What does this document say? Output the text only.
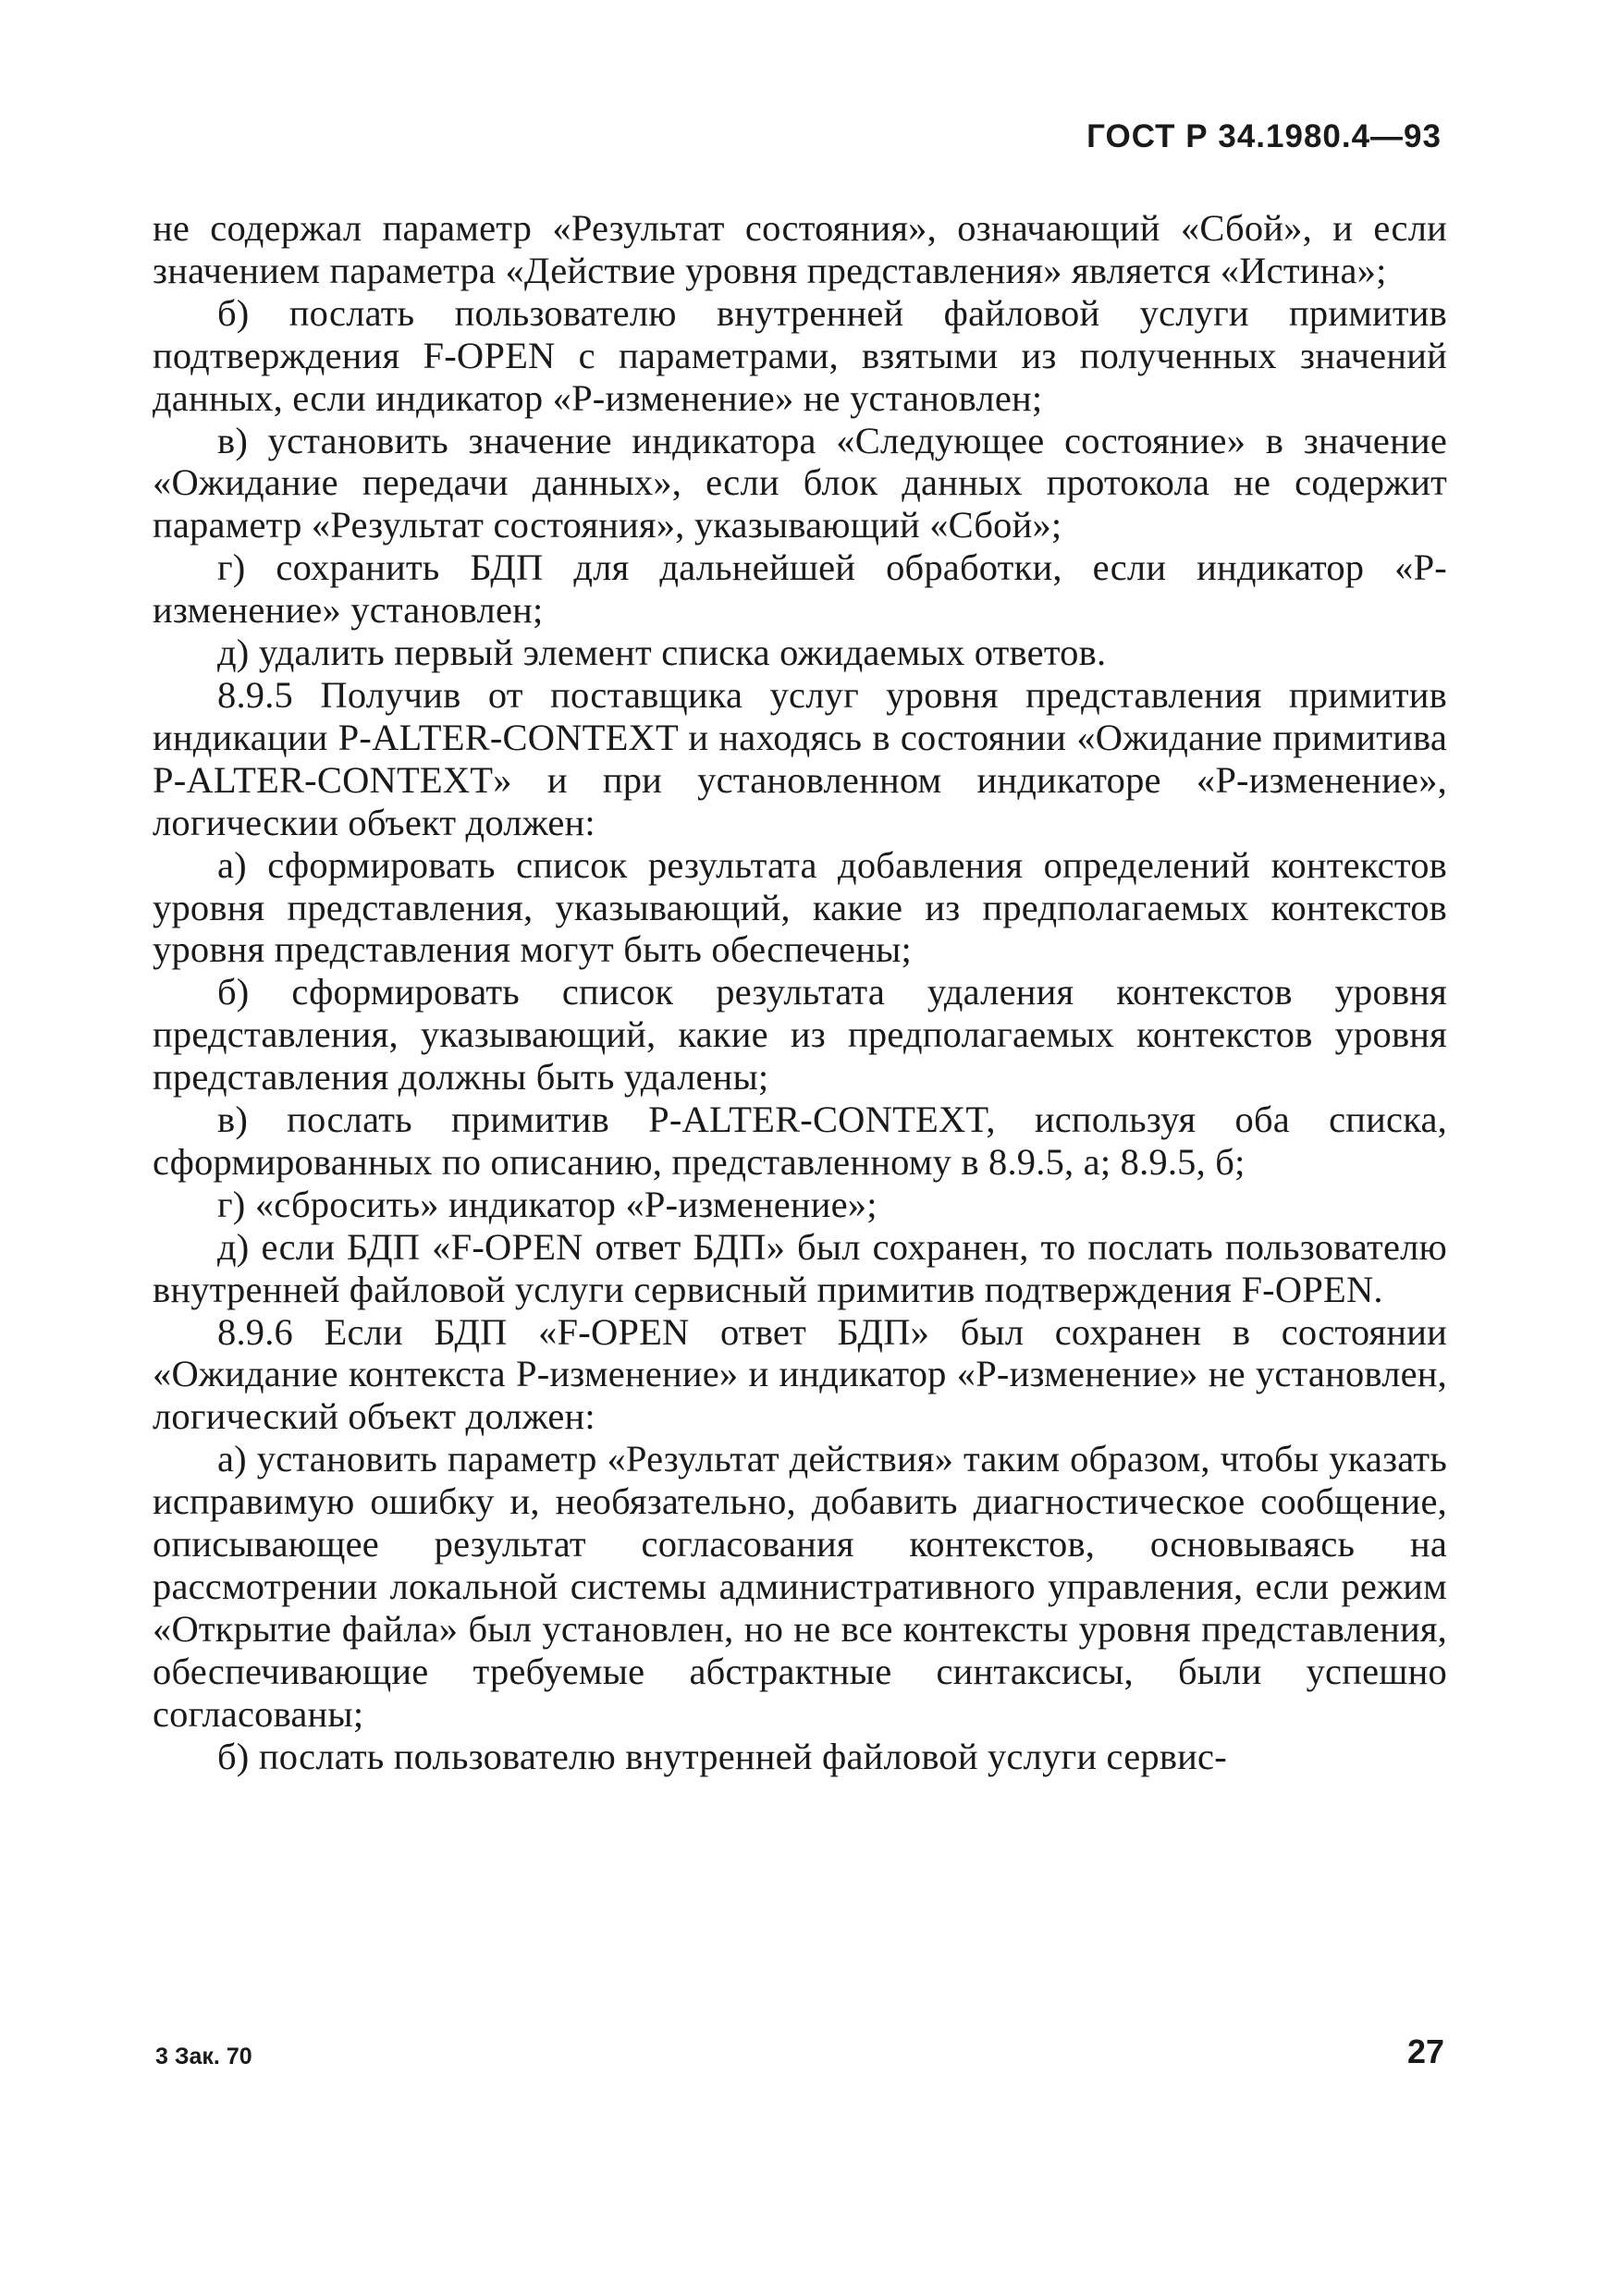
ГОСТ Р 34.1980.4—93

не содержал параметр «Результат состояния», означающий «Сбой», и если значением параметра «Действие уровня представления» является «Истина»;

б) послать пользователю внутренней файловой услуги примитив подтверждения F-OPEN с параметрами, взятыми из полученных значений данных, если индикатор «Р-изменение» не установлен;

в) установить значение индикатора «Следующее состояние» в значение «Ожидание передачи данных», если блок данных протокола не содержит параметр «Результат состояния», указывающий «Сбой»;

г) сохранить БДП для дальнейшей обработки, если индикатор «Р-изменение» установлен;

д) удалить первый элемент списка ожидаемых ответов.

8.9.5 Получив от поставщика услуг уровня представления примитив индикации P-ALTER-CONTEXT и находясь в состоянии «Ожидание примитива P-ALTER-CONTEXT» и при установленном индикаторе «Р-изменение», логическии объект должен:

а) сформировать список результата добавления определений контекстов уровня представления, указывающий, какие из предполагаемых контекстов уровня представления могут быть обеспечены;

б) сформировать список результата удаления контекстов уровня представления, указывающий, какие из предполагаемых контекстов уровня представления должны быть удалены;

в) послать примитив P-ALTER-CONTEXT, используя оба списка, сформированных по описанию, представленному в 8.9.5, а; 8.9.5, б;

г) «сбросить» индикатор «Р-изменение»;

д) если БДП «F-OPEN ответ БДП» был сохранен, то послать пользователю внутренней файловой услуги сервисный примитив подтверждения F-OPEN.

8.9.6 Если БДП «F-OPEN ответ БДП» был сохранен в состоянии «Ожидание контекста Р-изменение» и индикатор «Р-изменение» не установлен, логический объект должен:

а) установить параметр «Результат действия» таким образом, чтобы указать исправимую ошибку и, необязательно, добавить диагностическое сообщение, описывающее результат согласования контекстов, основываясь на рассмотрении локальной системы административного управления, если режим «Открытие файла» был установлен, но не все контексты уровня представления, обеспечивающие требуемые абстрактные синтаксисы, были успешно согласованы;

б) послать пользователю внутренней файловой услуги сервис-

3 Зак. 70	27
